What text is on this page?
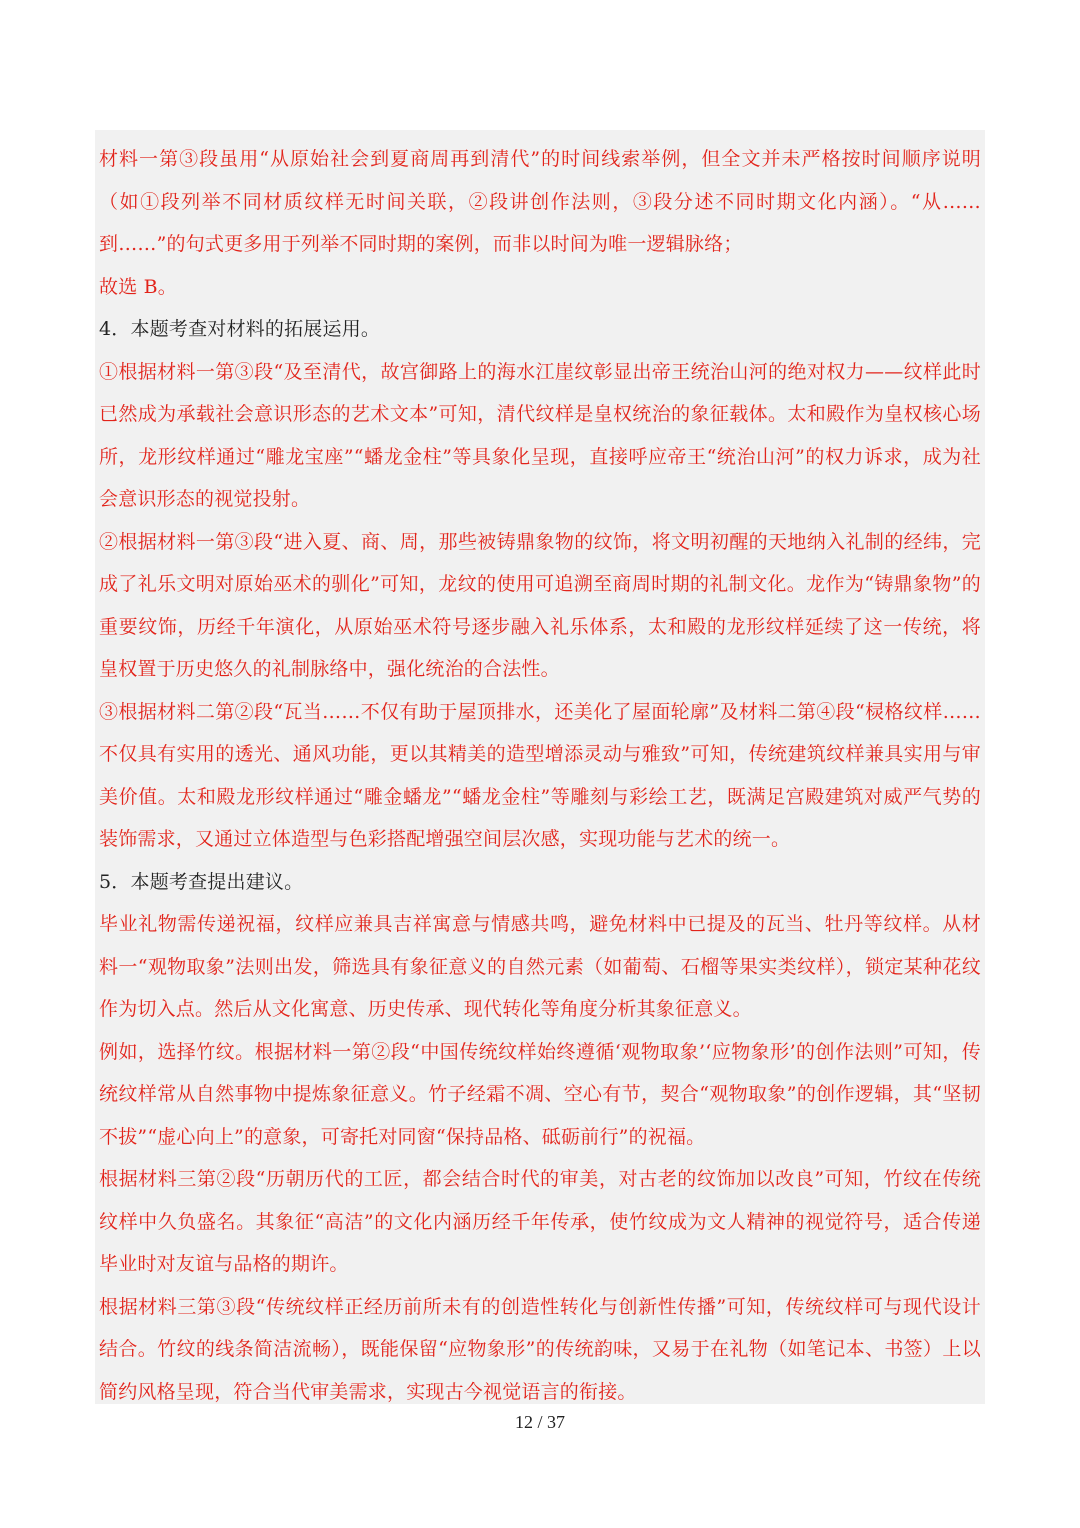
材料一第③段虽用“从原始社会到夏商周再到清代”的时间线索举例，但全文并未严格按时间顺序说明（如①段列举不同材质纹样无时间关联，②段讲创作法则，③段分述不同时期文化内涵）。“从……到……”的句式更多用于列举不同时期的案例，而非以时间为唯一逻辑脉络；

故选 B。

4．本题考查对材料的拓展运用。

①根据材料一第③段“及至清代，故宫御路上的海水江崖纹彰显出帝王统治山河的绝对权力——纹样此时已然成为承载社会意识形态的艺术文本”可知，清代纹样是皇权统治的象征载体。太和殿作为皇权核心场所，龙形纹样通过“雕龙宝座”“蟠龙金柱”等具象化呈现，直接呼应帝王“统治山河”的权力诉求，成为社会意识形态的视觉投射。

②根据材料一第③段“进入夏、商、周，那些被铸鼎象物的纹饰，将文明初醒的天地纳入礼制的经纬，完成了礼乐文明对原始巫术的驯化”可知，龙纹的使用可追溯至商周时期的礼制文化。龙作为“铸鼎象物”的重要纹饰，历经千年演化，从原始巫术符号逐步融入礼乐体系，太和殿的龙形纹样延续了这一传统，将皇权置于历史悠久的礼制脉络中，强化统治的合法性。

③根据材料二第②段“瓦当……不仅有助于屋顶排水，还美化了屋面轮廓”及材料二第④段“棂格纹样……不仅具有实用的透光、通风功能，更以其精美的造型增添灵动与雅致”可知，传统建筑纹样兼具实用与审美价值。太和殿龙形纹样通过“雕金蟠龙”“蟠龙金柱”等雕刻与彩绘工艺，既满足宫殿建筑对威严气势的装饰需求，又通过立体造型与色彩搭配增强空间层次感，实现功能与艺术的统一。

5．本题考查提出建议。

毕业礼物需传递祝福，纹样应兼具吉祥寓意与情感共鸣，避免材料中已提及的瓦当、牡丹等纹样。从材料一“观物取象”法则出发，筛选具有象征意义的自然元素（如葡萄、石榴等果实类纹样），锁定某种花纹作为切入点。然后从文化寓意、历史传承、现代转化等角度分析其象征意义。

例如，选择竹纹。根据材料一第②段“中国传统纹样始终遵循‘观物取象’‘应物象形’的创作法则”可知，传统纹样常从自然事物中提炼象征意义。竹子经霜不凋、空心有节，契合“观物取象”的创作逻辑，其“坚韧不拔”“虚心向上”的意象，可寄托对同窗“保持品格、砥砺前行”的祝福。

根据材料三第②段“历朝历代的工匠，都会结合时代的审美，对古老的纹饰加以改良”可知，竹纹在传统纹样中久负盛名。其象征“高洁”的文化内涵历经千年传承，使竹纹成为文人精神的视觉符号，适合传递毕业时对友谊与品格的期许。

根据材料三第③段“传统纹样正经历前所未有的创造性转化与创新性传播”可知，传统纹样可与现代设计结合。竹纹的线条简洁流畅），既能保留“应物象形”的传统韵味，又易于在礼物（如笔记本、书签）上以简约风格呈现，符合当代审美需求，实现古今视觉语言的衔接。

12 / 37
